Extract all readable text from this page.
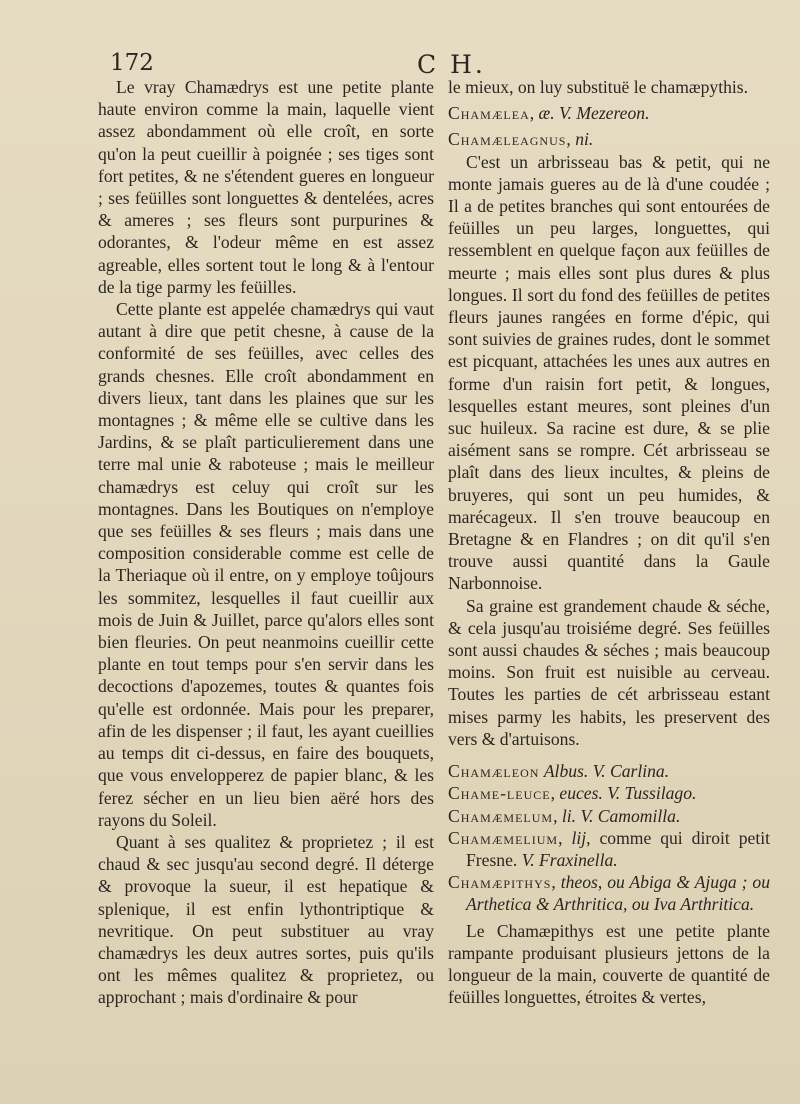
172	C H.

Le vray Chamædrys est une petite plante haute environ comme la main, laquelle vient assez abondamment où elle croît, en sorte qu'on la peut cueillir à poignée ; ses tiges sont fort petites, & ne s'étendent gueres en longueur ; ses feüilles sont longuettes & dentelées, acres & ameres ; ses fleurs sont purpurines & odorantes, & l'odeur même en est assez agreable, elles sortent tout le long & à l'entour de la tige parmy les feüilles.

Cette plante est appelée chamædrys qui vaut autant à dire que petit chesne, à cause de la conformité de ses feüilles, avec celles des grands chesnes. Elle croît abondamment en divers lieux, tant dans les plaines que sur les montagnes ; & même elle se cultive dans les Jardins, & se plaît particulierement dans une terre mal unie & raboteuse ; mais le meilleur chamædrys est celuy qui croît sur les montagnes. Dans les Boutiques on n'employe que ses feüilles & ses fleurs ; mais dans une composition considerable comme est celle de la Theriaque où il entre, on y employe toûjours les sommitez, lesquelles il faut cueillir aux mois de Juin & Juillet, parce qu'alors elles sont bien fleuries. On peut neanmoins cueillir cette plante en tout temps pour s'en servir dans les decoctions d'apozemes, toutes & quantes fois qu'elle est ordonnée. Mais pour les preparer, afin de les dispenser ; il faut, les ayant cueillies au temps dit ci-dessus, en faire des bouquets, que vous envelopperez de papier blanc, & les ferez sécher en un lieu bien aëré hors des rayons du Soleil.

Quant à ses qualitez & proprietez ; il est chaud & sec jusqu'au second degré. Il déterge & provoque la sueur, il est hepatique & splenique, il est enfin lythontriptique & nevritique. On peut substituer au vray chamædrys les deux autres sortes, puis qu'ils ont les mêmes qualitez & proprietez, ou approchant ; mais d'ordinaire & pour

le mieux, on luy substituë le chamæpythis.

Chamælea, æ. V. Mezereon.

Chamæleagnus, ni.

C'est un arbrisseau bas & petit, qui ne monte jamais gueres au de là d'une coudée ; Il a de petites branches qui sont entourées de feüilles un peu larges, longuettes, qui ressemblent en quelque façon aux feüilles de meurte ; mais elles sont plus dures & plus longues. Il sort du fond des feüilles de petites fleurs jaunes rangées en forme d'épic, qui sont suivies de graines rudes, dont le sommet est picquant, attachées les unes aux autres en forme d'un raisin fort petit, & longues, lesquelles estant meures, sont pleines d'un suc huileux. Sa racine est dure, & se plie aisément sans se rompre. Cét arbrisseau se plaît dans des lieux incultes, & pleins de bruyeres, qui sont un peu humides, & marécageux. Il s'en trouve beaucoup en Bretagne & en Flandres ; on dit qu'il s'en trouve aussi quantité dans la Gaule Narbonnoise.

Sa graine est grandement chaude & séche, & cela jusqu'au troisiéme degré. Ses feüilles sont aussi chaudes & séches ; mais beaucoup moins. Son fruit est nuisible au cerveau. Toutes les parties de cét arbrisseau estant mises parmy les habits, les preservent des vers & d'artuisons.

Chamæleon Albus. V. Carlina.

Chame-leuce, euces. V. Tussilago.

Chamæmelum, li. V. Camomilla.

Chamæmelium, lij, comme qui diroit petit Fresne. V. Fraxinella.

Chamæpithys, theos, ou Abiga & Ajuga ; ou Arthetica & Arthritica, ou Iva Arthritica.

Le Chamæpithys est une petite plante rampante produisant plusieurs jettons de la longueur de la main, couverte de quantité de feüilles longuettes, étroites & vertes,
